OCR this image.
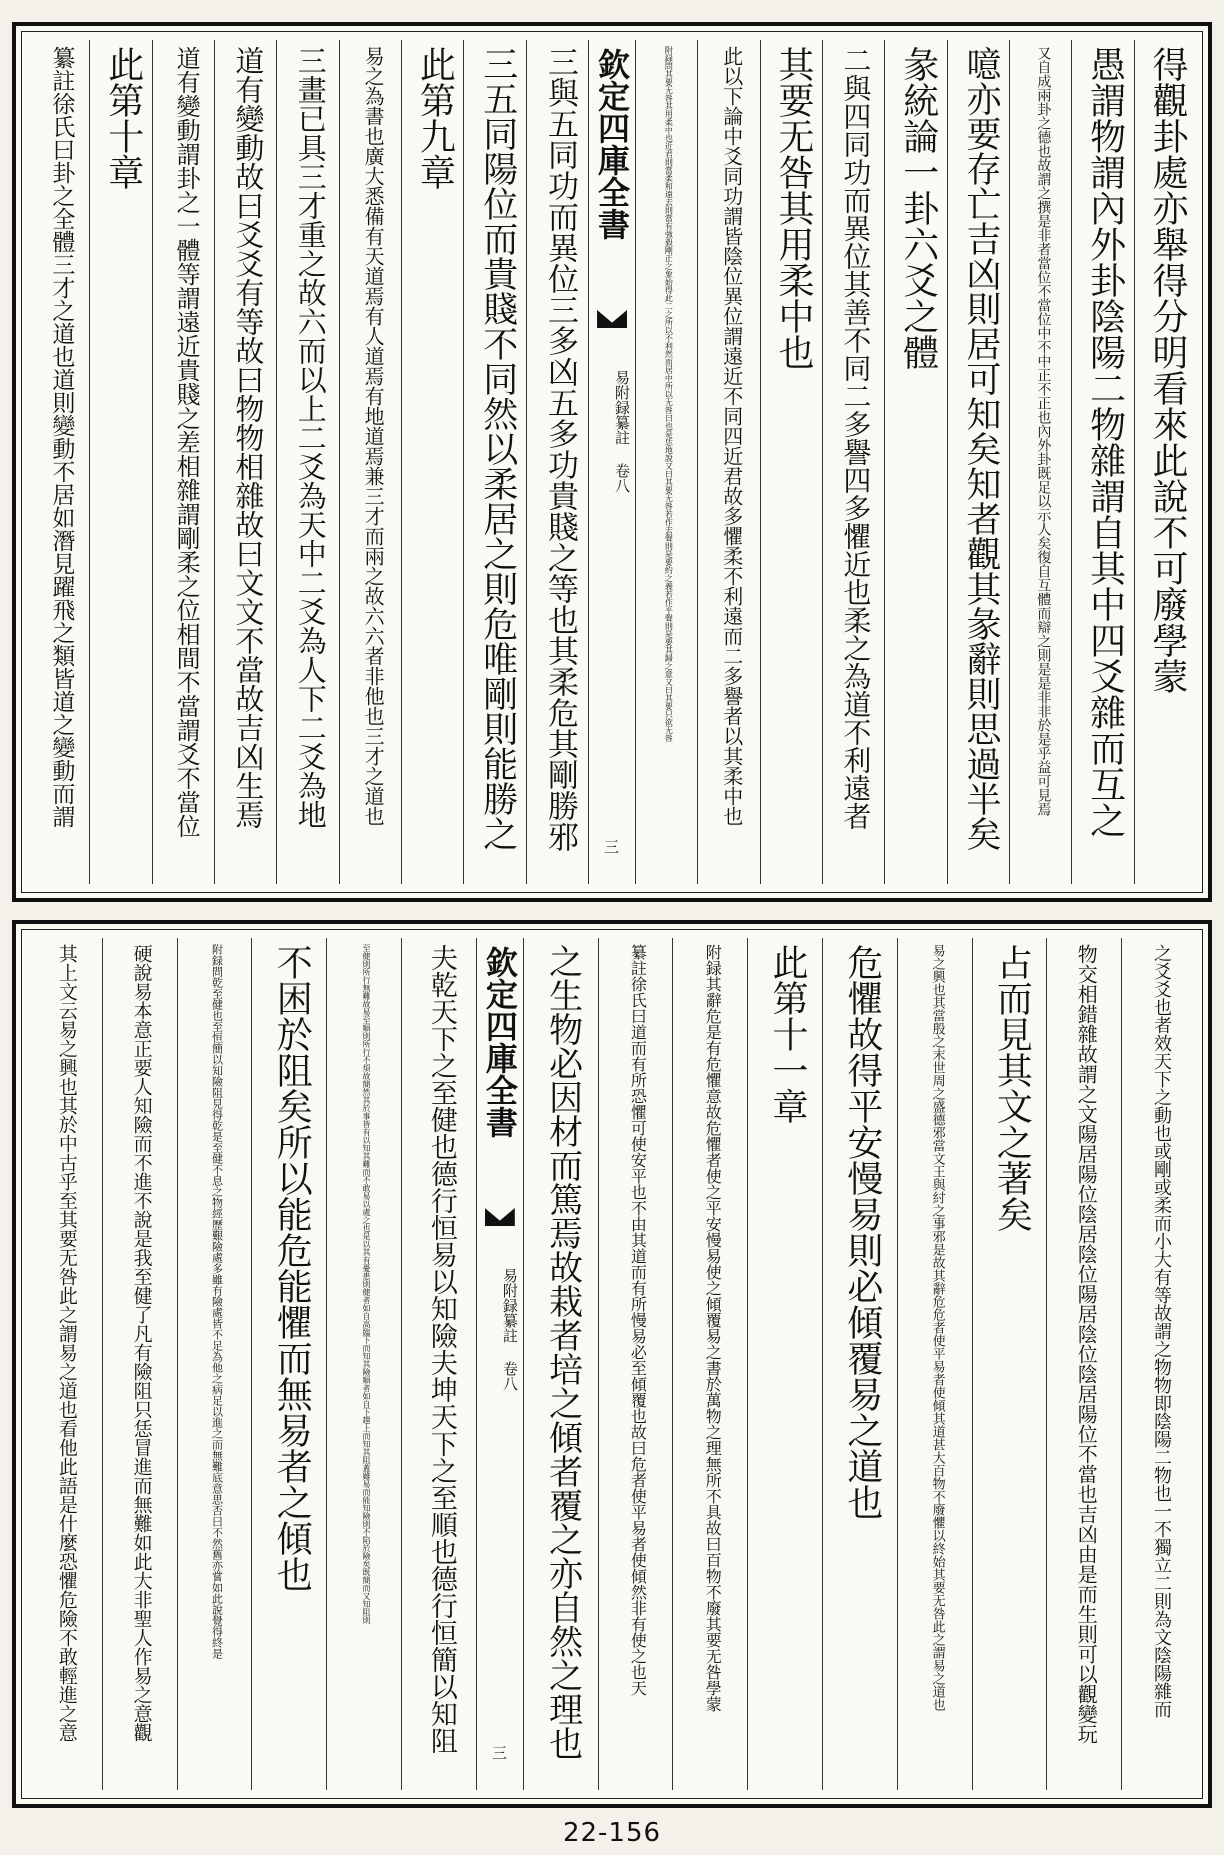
得觀卦處亦舉得分明看來此說不可廢學蒙
愚謂物謂內外卦陰陽二物雜謂自其中四爻雜而互之
又自成兩卦之德也故謂之撰是非者當位不當位中不中正不正也內外卦既足以示人矣復自互體而辯之則是是非非於是乎益可見焉
噫亦要存亡吉凶則居可知矣知者觀其彖辭則思過半矣
彖統論一卦六爻之體
二與四同功而異位其善不同二多譽四多懼近也柔之為道不利遠者
其要无咎其用柔中也
此以下論中爻同功謂皆陰位異位謂遠近不同四近君故多懼柔不利遠而二多譽者以其柔中也
附録問其要无咎其用柔中也近君則當柔和遠去則當有強毅剛正之象始得此二之所以不利然而居中所以无咎曰也是恁地說又曰其要无咎若作去聲則是要約之義若作平聲則是要其歸之意又曰其要只欲无咎
欽定四庫全書
易附録纂註 卷八
三
三與五同功而異位三多凶五多功貴賤之等也其柔危其剛勝邪
三五同陽位而貴賤不同然以柔居之則危唯剛則能勝之
此第九章
易之為書也廣大悉備有天道焉有人道焉有地道焉兼三才而兩之故六六者非他也三才之道也
三畫已具三才重之故六而以上二爻為天中二爻為人下二爻為地
道有變動故曰爻爻有等故曰物物相雜故曰文文不當故吉凶生焉
道有變動謂卦之一體等謂遠近貴賤之差相雜謂剛柔之位相間不當謂爻不當位
此第十章
纂註徐氏曰卦之全體三才之道也道則變動不居如潛見躍飛之類皆道之變動而謂
之爻爻也者效天下之動也或剛或柔而小大有等故謂之物物即陰陽二物也一不獨立二則為文陰陽雜而
物交相錯雜故謂之文陽居陽位陰居陰位陽居陰位陰居陽位不當也吉凶由是而生則可以觀變玩
占而見其文之著矣
易之興也其當殷之末世周之盛德邪當文王與紂之事邪是故其辭危危者使平易者使傾其道甚大百物不廢懼以終始其要无咎此之謂易之道也
危懼故得平安慢易則必傾覆易之道也
此第十一章
附録其辭危是有危懼意故危懼者使之平安慢易使之傾覆易之書於萬物之理無所不具故曰百物不廢其要无咎學蒙
纂註徐氏曰道而有所恐懼可使安平也不由其道而有所慢易必至傾覆也故曰危者使平易者使傾然非有使之也天
之生物必因材而篤焉故栽者培之傾者覆之亦自然之理也
欽定四庫全書
易附録纂註 卷八
三
夫乾天下之至健也德行恒易以知險夫坤天下之至順也德行恒簡以知阻
至健則所行無難故易至順則所行不煩故簡然其於事皆有以知其難而不敢易以處之也是以其有憂患則健者如自高臨下而知其險順者如自下趨上而知其阻蓋雖易而能知險則不陷於險矣既簡而又知阻則
不困於阻矣所以能危能懼而無易者之傾也
附録問乾至健也至恒簡以知險阻見得乾是至健不息之物經歷艱險處多雖有險處皆不足為他之病足以進之而無難底意思否曰不然舊亦嘗如此說覺得終是
硬說易本意正要人知險而不進不說是我至健了凡有險阻只恁冒進而無難如此大非聖人作易之意觀
其上文云易之興也其於中古乎至其要无咎此之謂易之道也看他此語是什麼恐懼危險不敢輕進之意
22-156
